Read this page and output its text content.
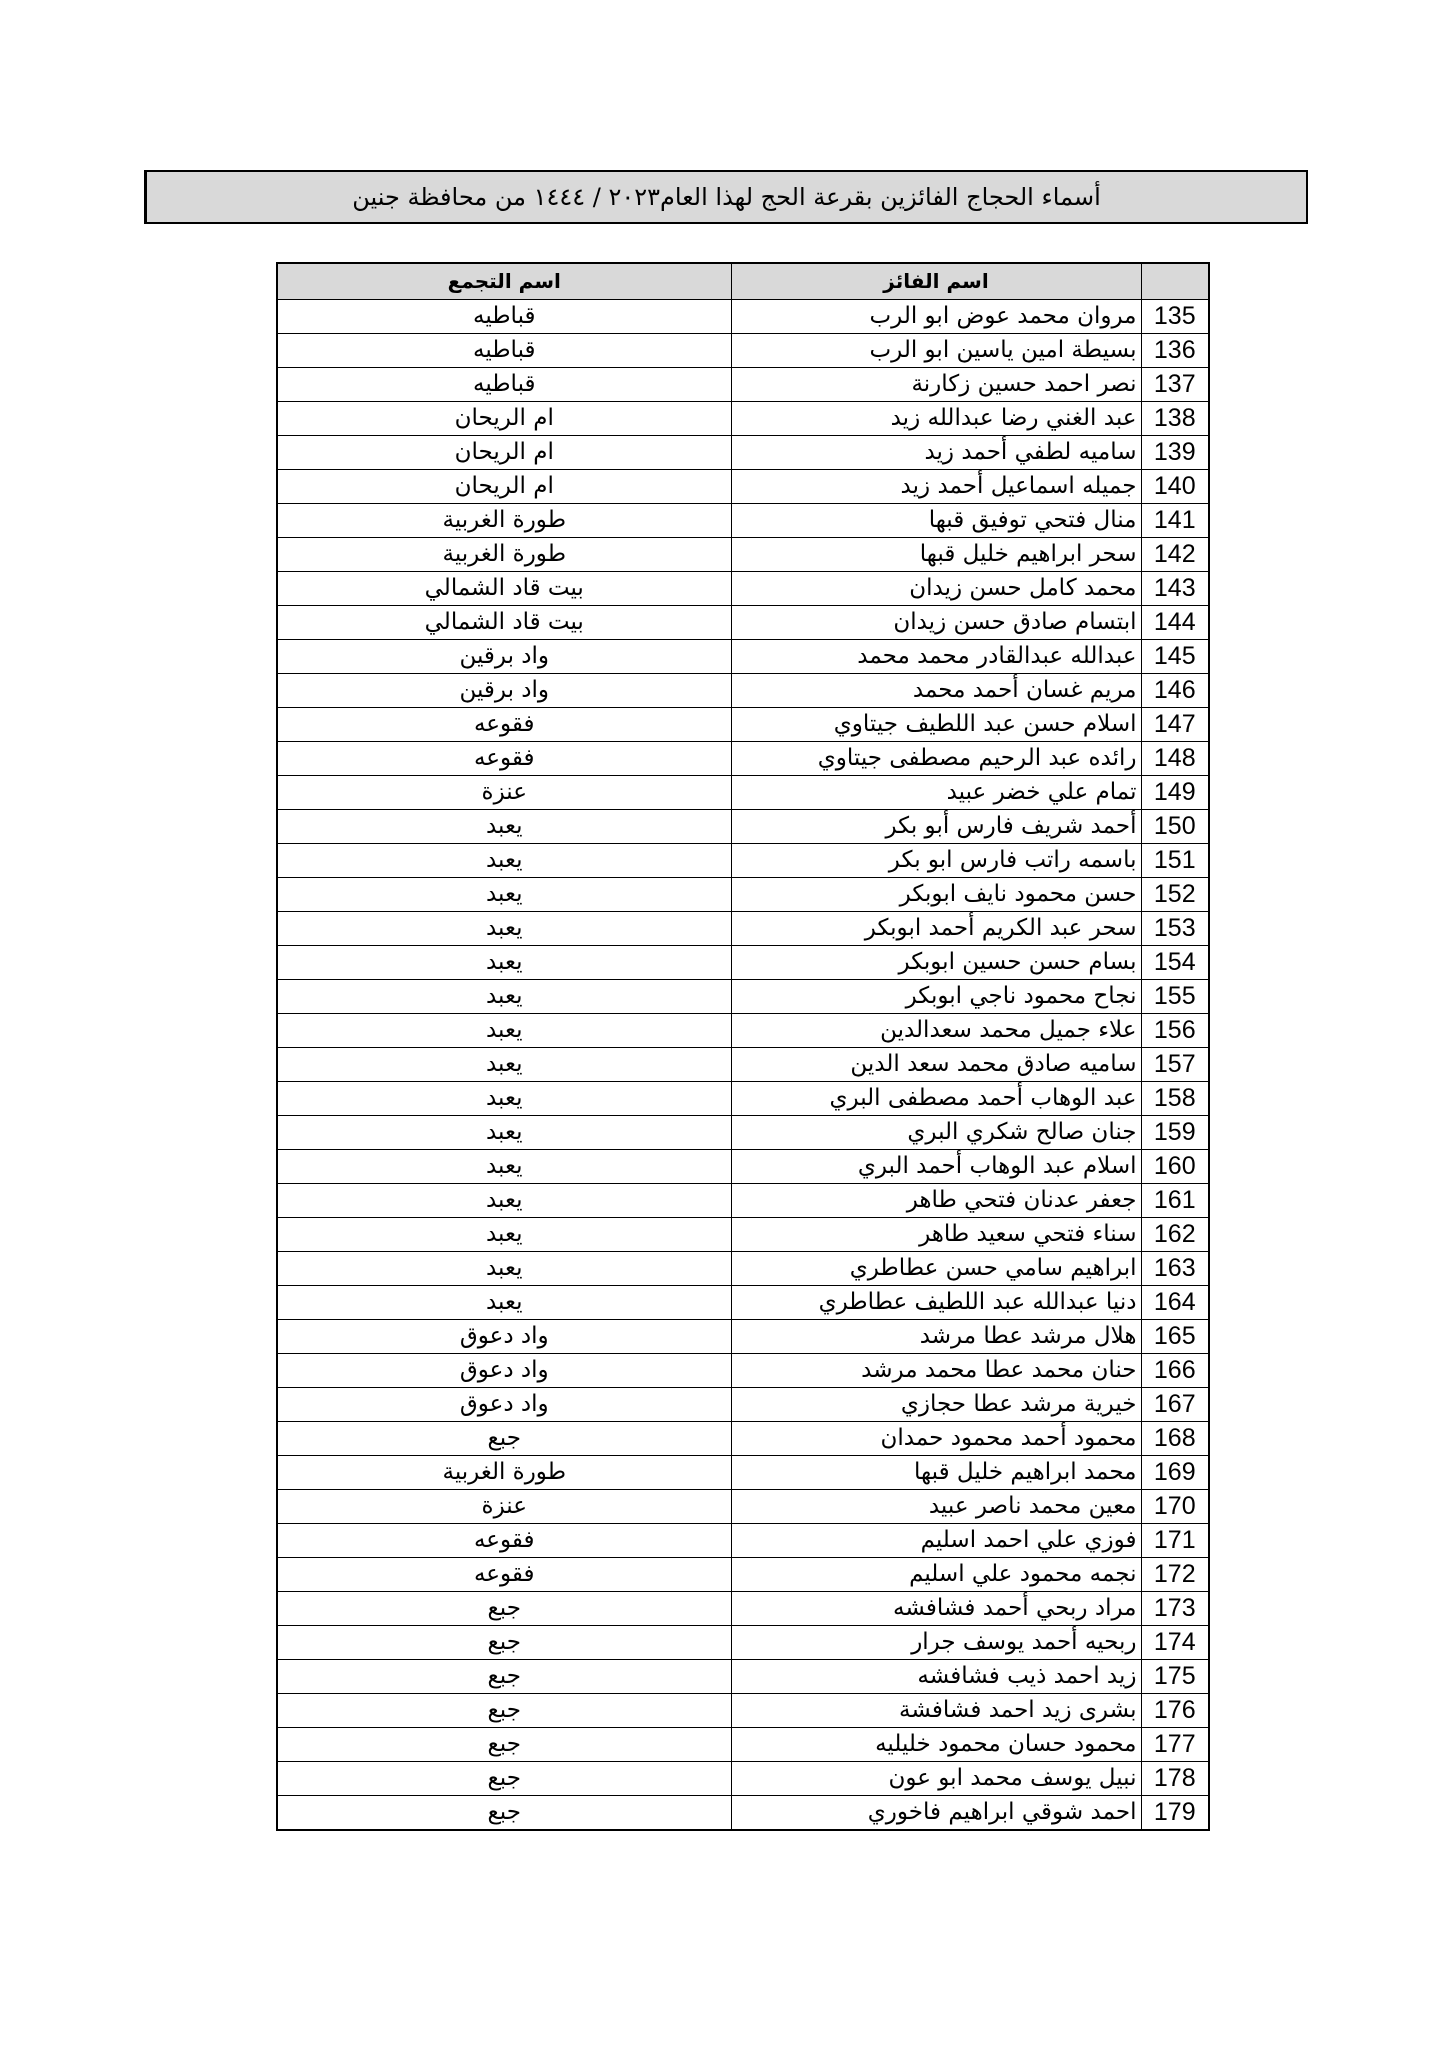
أسماء الحجاج الفائزين بقرعة الحج لهذا العام٢٠٢٣ / ١٤٤٤ من محافظة جنين
	اسم الفائز	اسم التجمع
135	مروان محمد عوض ابو الرب	قباطيه
136	بسيطة امين ياسين ابو الرب	قباطيه
137	نصر احمد حسين زكارنة	قباطيه
138	عبد الغني رضا عبدالله زيد	ام الريحان
139	ساميه لطفي أحمد زيد	ام الريحان
140	جميله اسماعيل أحمد زيد	ام الريحان
141	منال فتحي توفيق قبها	طورة الغربية
142	سحر ابراهيم خليل قبها	طورة الغربية
143	محمد كامل حسن زيدان	بيت قاد الشمالي
144	ابتسام صادق حسن زيدان	بيت قاد الشمالي
145	عبدالله عبدالقادر محمد محمد	واد برقين
146	مريم غسان أحمد محمد	واد برقين
147	اسلام حسن عبد اللطيف جيتاوي	فقوعه
148	رائده عبد الرحيم مصطفى جيتاوي	فقوعه
149	تمام علي خضر عبيد	عنزة
150	أحمد شريف فارس أبو بكر	يعبد
151	باسمه راتب فارس ابو بكر	يعبد
152	حسن محمود نايف ابوبكر	يعبد
153	سحر عبد الكريم أحمد ابوبكر	يعبد
154	بسام حسن حسين ابوبكر	يعبد
155	نجاح محمود ناجي ابوبكر	يعبد
156	علاء جميل محمد سعدالدين	يعبد
157	ساميه صادق محمد سعد الدين	يعبد
158	عبد الوهاب أحمد مصطفى البري	يعبد
159	جنان صالح شكري البري	يعبد
160	اسلام عبد الوهاب أحمد البري	يعبد
161	جعفر عدنان فتحي طاهر	يعبد
162	سناء فتحي سعيد طاهر	يعبد
163	ابراهيم سامي حسن عطاطري	يعبد
164	دنيا عبدالله عبد اللطيف عطاطري	يعبد
165	هلال مرشد عطا مرشد	واد دعوق
166	حنان محمد عطا محمد مرشد	واد دعوق
167	خيرية مرشد عطا حجازي	واد دعوق
168	محمود أحمد محمود حمدان	جبع
169	محمد ابراهيم خليل قبها	طورة الغربية
170	معين محمد ناصر عبيد	عنزة
171	فوزي علي احمد اسليم	فقوعه
172	نجمه محمود علي اسليم	فقوعه
173	مراد ربحي أحمد فشافشه	جبع
174	ربحيه أحمد يوسف جرار	جبع
175	زيد احمد ذيب فشافشه	جبع
176	بشرى زيد احمد فشافشة	جبع
177	محمود حسان محمود خليليه	جبع
178	نبيل يوسف محمد ابو عون	جبع
179	احمد شوقي ابراهيم فاخوري	جبع
